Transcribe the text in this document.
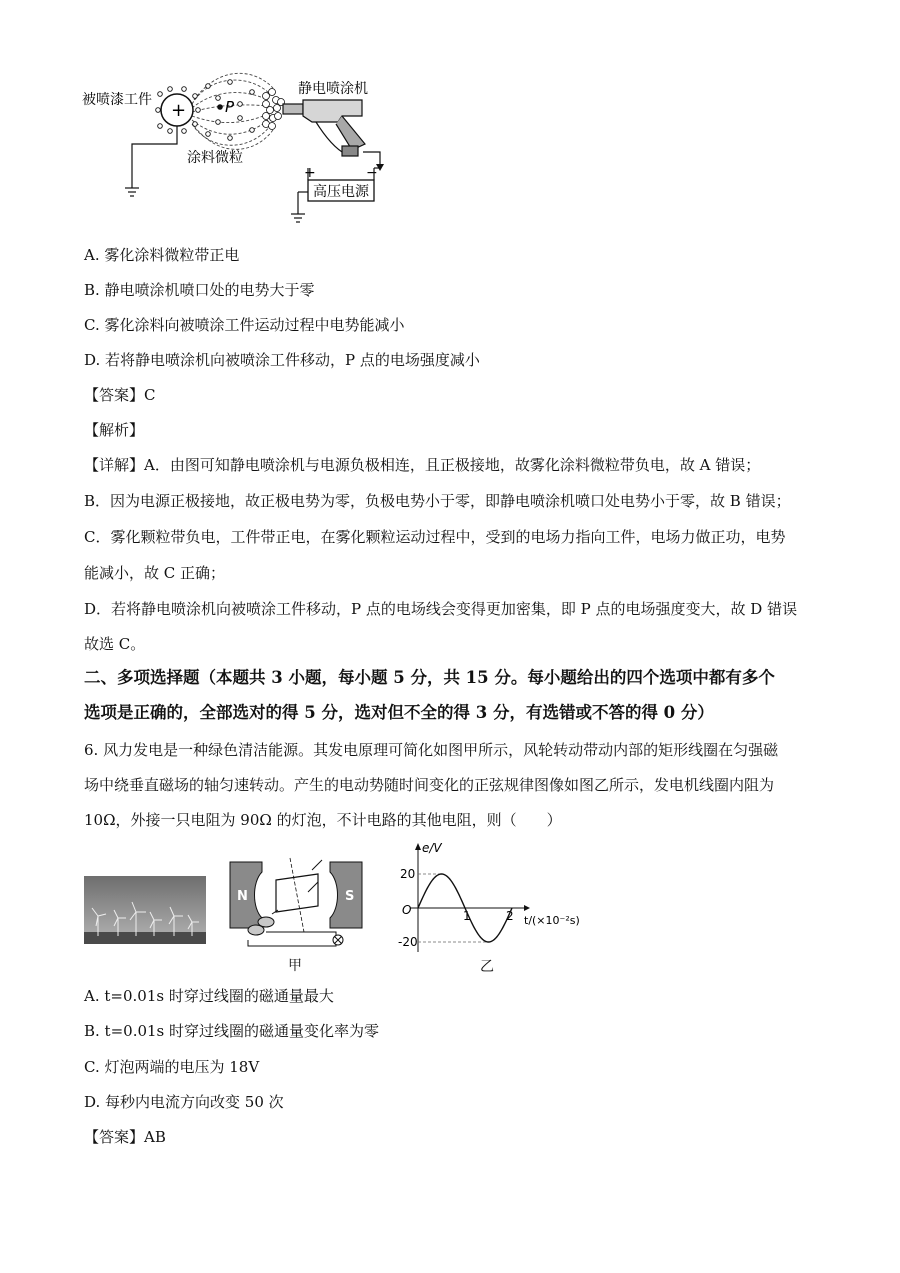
+	P
静电喷涂机
高压电源
+	−
被喷漆工件
涂料微粒
A. 雾化涂料微粒带正电
B. 静电喷涂机喷口处的电势大于零
C. 雾化涂料向被喷涂工件运动过程中电势能减小
D. 若将静电喷涂机向被喷涂工件移动，P 点的电场强度减小
【答案】C
【解析】
【详解】A．由图可知静电喷涂机与电源负极相连，且正极接地，故雾化涂料微粒带负电，故 A 错误；
B．因为电源正极接地，故正极电势为零，负极电势小于零，即静电喷涂机喷口处电势小于零，故 B 错误；
C．雾化颗粒带负电，工件带正电，在雾化颗粒运动过程中，受到的电场力指向工件，电场力做正功，电势
能减小，故 C 正确；
D．若将静电喷涂机向被喷涂工件移动，P 点的电场线会变得更加密集，即 P 点的电场强度变大，故 D 错误
故选 C。
二、多项选择题（本题共 3 小题，每小题 5 分，共 15 分。每小题给出的四个选项中都有多个
选项是正确的，全部选对的得 5 分，选对但不全的得 3 分，有选错或不答的得 0 分）
6. 风力发电是一种绿色清洁能源。其发电原理可简化如图甲所示，风轮转动带动内部的矩形线圈在匀强磁
场中绕垂直磁场的轴匀速转动。产生的电动势随时间变化的正弦规律图像如图乙所示，发电机线圈内阻为
10Ω，外接一只电阻为 90Ω 的灯泡，不计电路的其他电阻，则（　　）
N	S
甲
e/V
t/(×10⁻²s)
O
20
-20
1	2
乙
A. t=0.01s 时穿过线圈的磁通量最大
B. t=0.01s 时穿过线圈的磁通量变化率为零
C. 灯泡两端的电压为 18V
D. 每秒内电流方向改变 50 次
【答案】AB
